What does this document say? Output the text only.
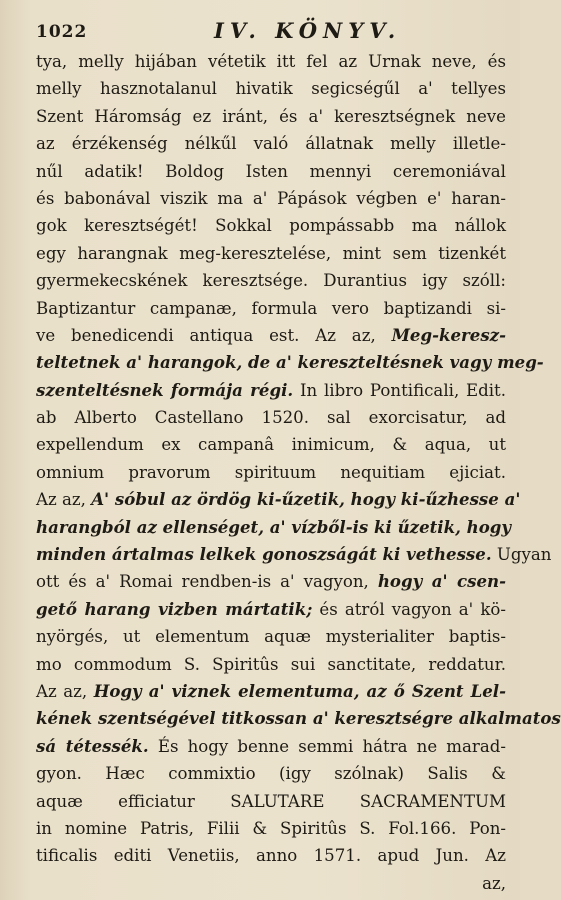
1022	IV. KÖNYV.
tya, melly hijában vétetik itt fel az Urnak neve, és
melly hasznotalanul hivatik segicségűl a' tellyes
Szent Háromság ez iránt, és a' keresztségnek neve
az érzékenség nélkűl való állatnak melly illetle-
nűl adatik! Boldog Isten mennyi ceremoniával
és babonával viszik ma a' Pápások végben e' haran-
gok keresztségét! Sokkal pompássabb ma nállok
egy harangnak meg-keresztelése, mint sem tizenkét
gyermekecskének keresztsége. Durantius igy szóll:
Baptizantur campanæ, formula vero baptizandi si-
ve benedicendi antiqua est. Az az, Meg-keresz-
teltetnek a' harangok, de a' kereszteltésnek vagy meg-
szenteltésnek formája régi. In libro Pontificali, Edit.
ab Alberto Castellano 1520. sal exorcisatur, ad
expellendum ex campanâ inimicum, & aqua, ut
omnium pravorum spirituum nequitiam ejiciat.
Az az, A' sóbul az ördög ki-űzetik, hogy ki-űzhesse a'
harangból az ellenséget, a' vízből-is ki űzetik, hogy
minden ártalmas lelkek gonoszságát ki vethesse. Ugyan
ott és a' Romai rendben-is a' vagyon, hogy a' csen-
gető harang vizben mártatik; és atról vagyon a' kö-
nyörgés, ut elementum aquæ mysterialiter baptis-
mo commodum S. Spiritûs sui sanctitate, reddatur.
Az az, Hogy a' viznek elementuma, az ő Szent Lel-
kének szentségével titkossan a' keresztségre alkalmatos
sá tétessék. És hogy benne semmi hátra ne marad-
gyon. Hæc commixtio (igy szólnak) Salis &
aquæ efficiatur SALUTARE SACRAMENTUM
in nomine Patris, Filii & Spiritûs S. Fol.166. Pon-
tificalis editi Venetiis, anno 1571. apud Jun. Az
az,
